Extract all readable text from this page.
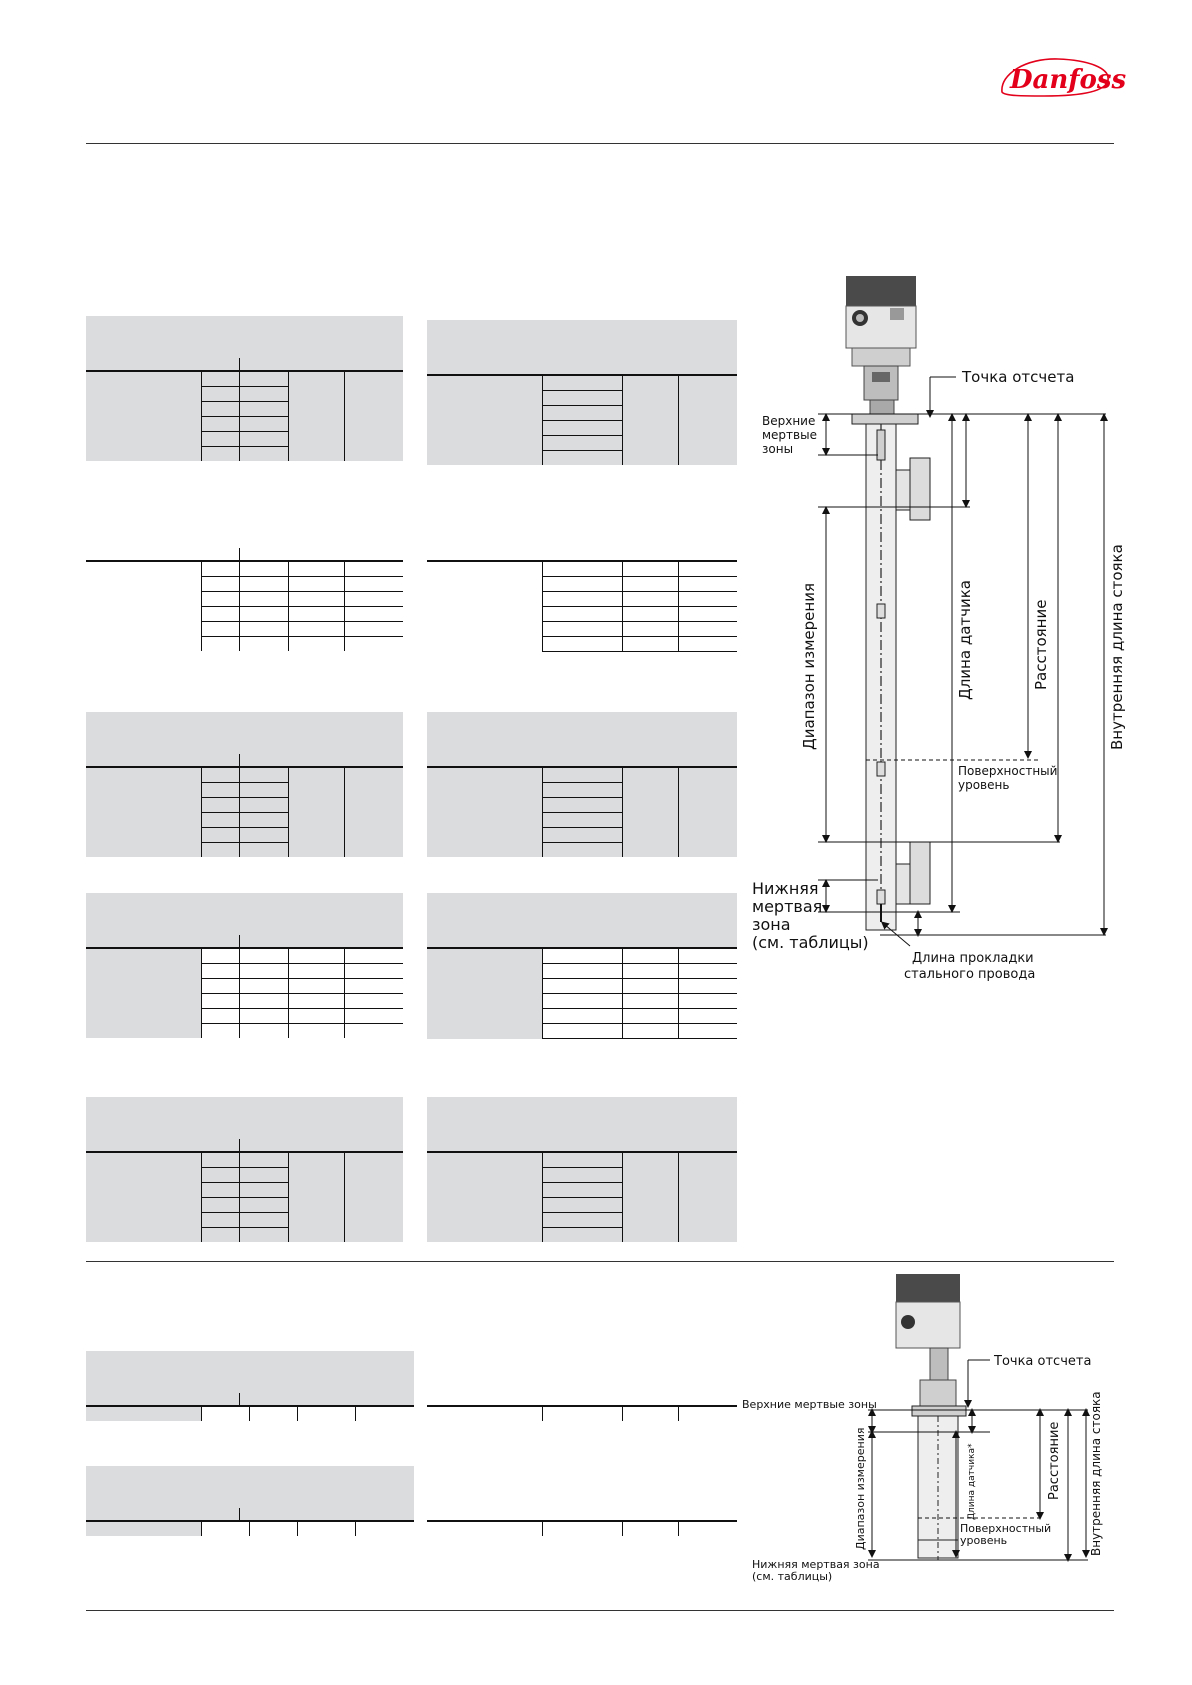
Danfoss

Точка отсчета
Верхние
мертвые
зоны
Диапазон измерения
Нижняя
мертвая
зона
(см. таблицы)
Длина датчика	Расстояние
Поверхностный
уровень
Внутренняя длина стояка
Длина прокладки
стального провода
Точка отсчета
Верхние мертвые зоны
Диапазон измерения	Длина датчика*	Расстояние
Поверхностный
уровень	Внутренняя длина стояка
Нижняя мертвая зона
(см. таблицы)
